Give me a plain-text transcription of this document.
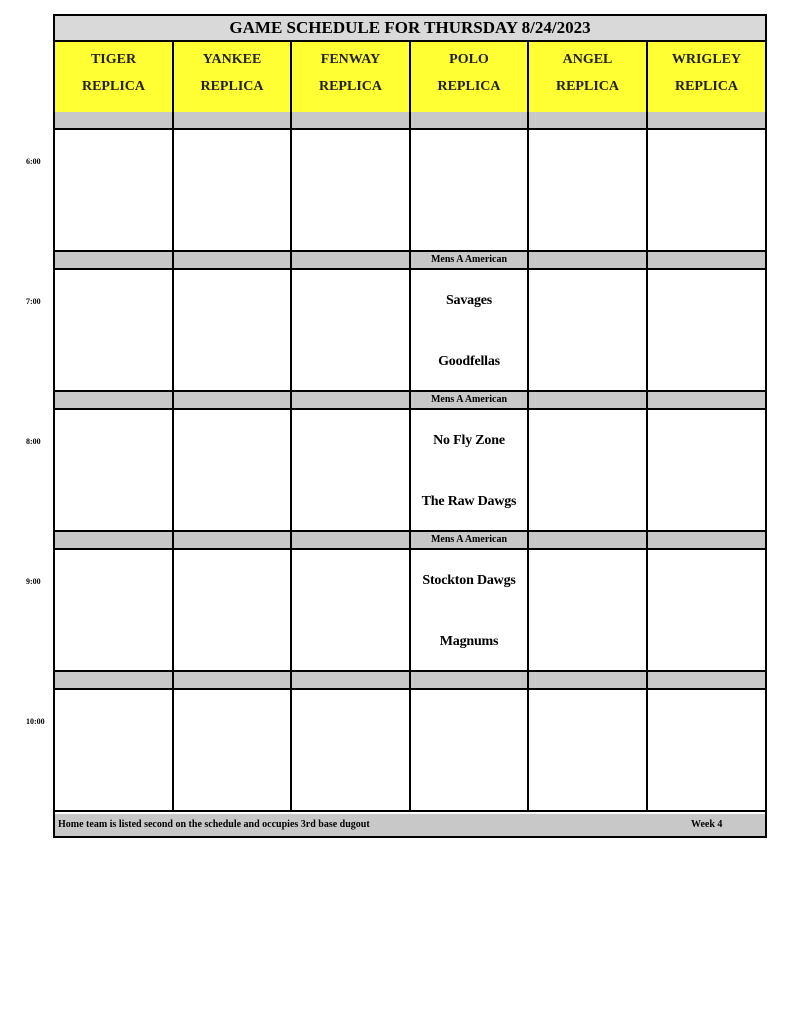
6:00
7:00
8:00
9:00
10:00
GAME SCHEDULE FOR THURSDAY 8/24/2023
TIGER
REPLICA
YANKEE
REPLICA
FENWAY
REPLICA
POLO
REPLICA
ANGEL
REPLICA
WRIGLEY
REPLICA
Mens A American
Savages
Goodfellas
Mens A American
No Fly Zone
The Raw Dawgs
Mens A American
Stockton Dawgs
Magnums
Home team is listed second on the schedule and occupies 3rd base dugout	Week 4
